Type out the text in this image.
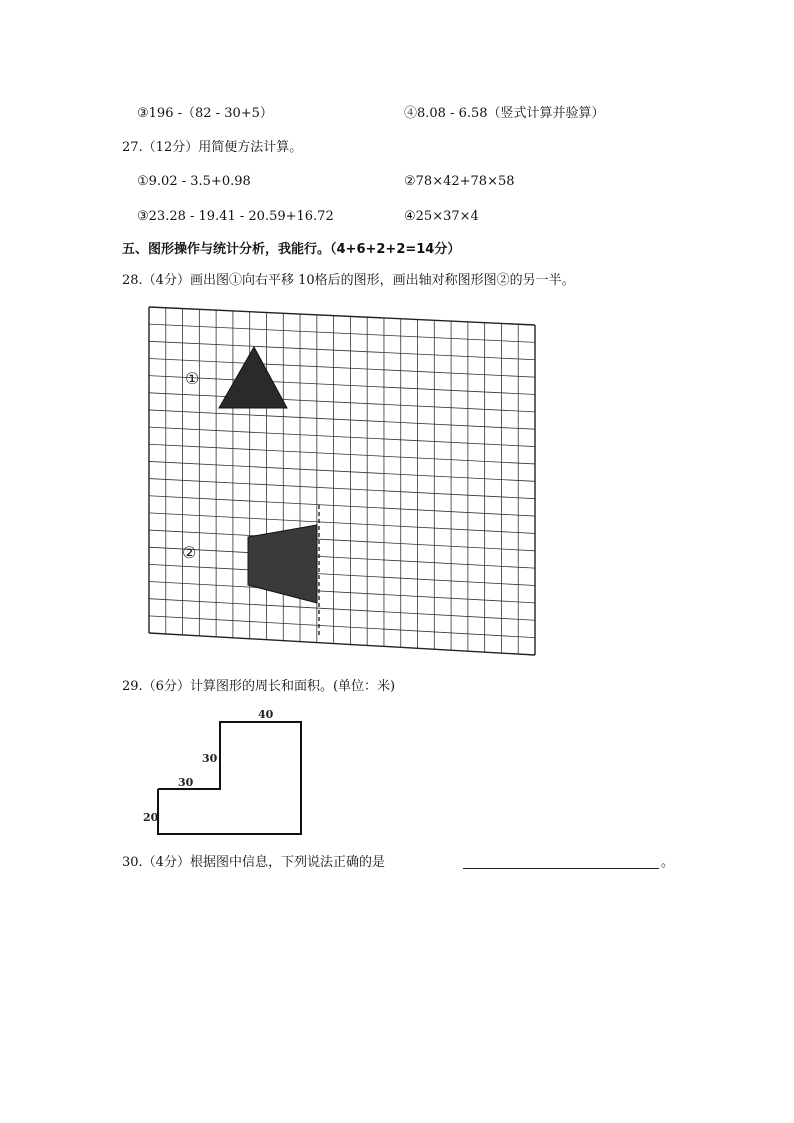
③196 -（82 - 30+5）	④8.08 - 6.58（竖式计算并验算）
27.（12分）用简便方法计算。
①9.02 - 3.5+0.98	②78×42+78×58
③23.28 - 19.41 - 20.59+16.72	④25×37×4
五、图形操作与统计分析，我能行。（4+6+2+2=14分）
28.（4分）画出图①向右平移 10格后的图形，画出轴对称图形图②的另一半。
①
②
29.（6分）计算图形的周长和面积。(单位：米)
40
30
30
20
30.（4分）根据图中信息，下列说法正确的是	。
